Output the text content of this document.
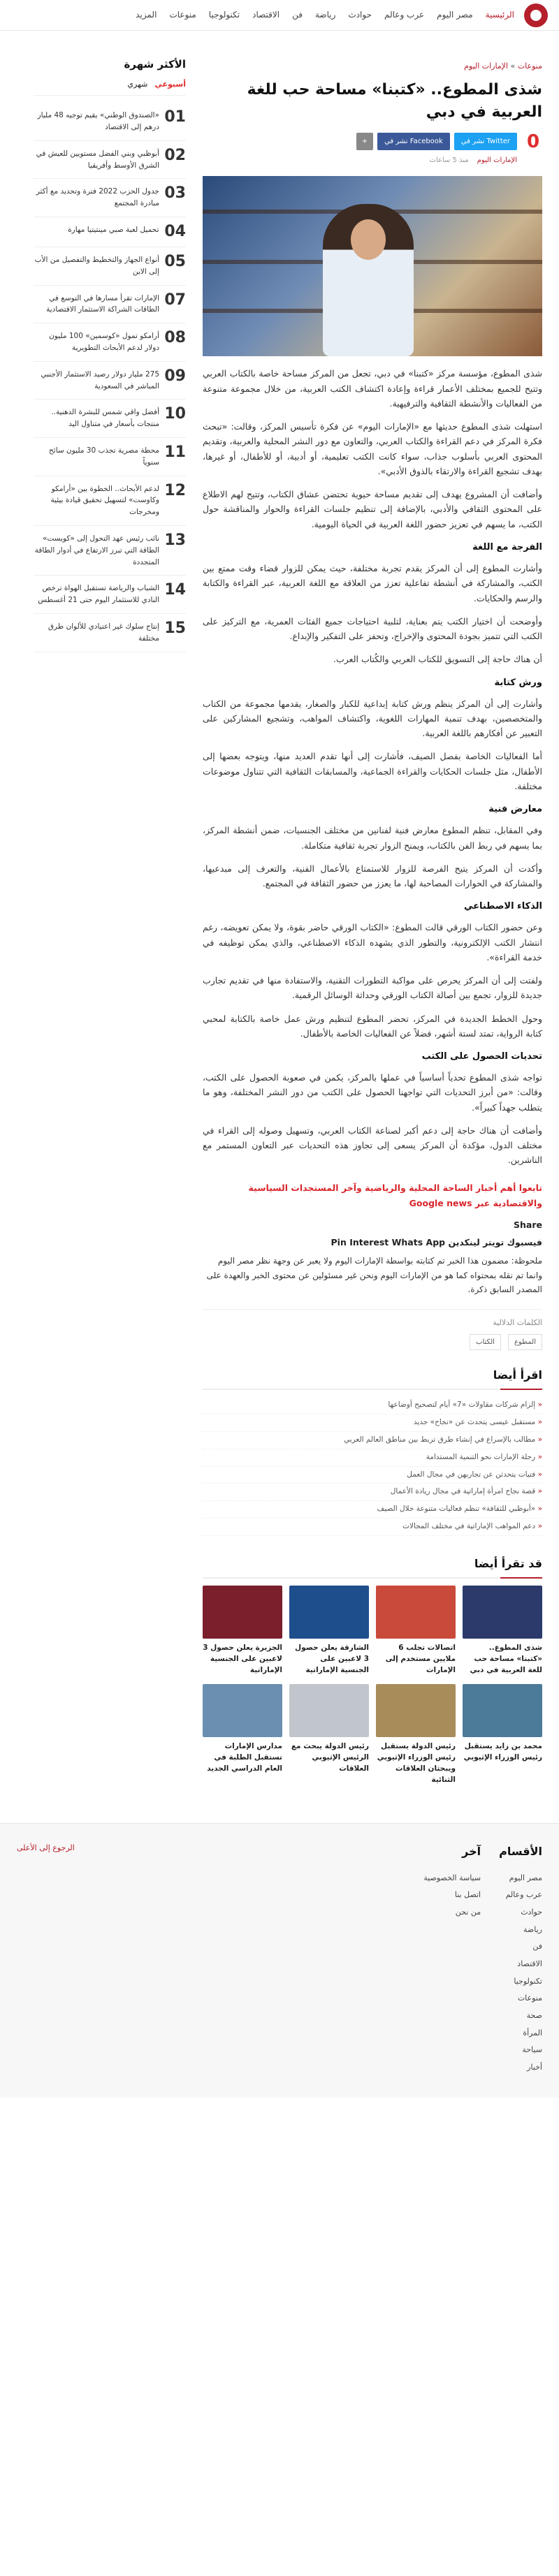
الرئيسية
مصر اليوم
عرب وعالم
حوادث
رياضة
فن
الاقتصاد
تكنولوجيا
منوعات
المزيد
منوعات » الإمارات اليوم
شذى المطوع.. «كتبنا» مساحة حب للغة العربية في دبي
0
Twitter نشر في
Facebook نشر في
+
الإمارات اليوم
منذ 5 ساعات

شذى المطوع، مؤسسة مركز «كتبنا» في دبي، تجعل من المركز مساحة خاصة بالكتاب العربي وتتيح للجميع بمختلف الأعمار قراءة وإعادة اكتشاف الكتب العربية، من خلال مجموعة متنوعة من الفعاليات والأنشطة الثقافية والترفيهية.

استهلت شذى المطوع حديثها مع «الإمارات اليوم» عن فكرة تأسيس المركز، وقالت: «تبحث فكرة المركز في دعم القراءة والكتاب العربي، والتعاون مع دور النشر المحلية والعربية، وتقديم المحتوى العربي بأسلوب جذاب، سواء كانت الكتب تعليمية، أو أدبية، أو للأطفال، أو غيرها، بهدف تشجيع القراءة والارتقاء بالذوق الأدبي».

وأضافت أن المشروع يهدف إلى تقديم مساحة حيوية تحتضن عشاق الكتاب، وتتيح لهم الاطلاع على المحتوى الثقافي والأدبي، بالإضافة إلى تنظيم جلسات القراءة والحوار والمناقشة حول الكتب، ما يسهم في تعزيز حضور اللغة العربية في الحياة اليومية.

الفرجة مع اللغة

وأشارت المطوع إلى أن المركز يقدم تجربة مختلفة، حيث يمكن للزوار قضاء وقت ممتع بين الكتب، والمشاركة في أنشطة تفاعلية تعزز من العلاقة مع اللغة العربية، عبر القراءة والكتابة والرسم والحكايات.

وأوضحت أن اختيار الكتب يتم بعناية، لتلبية احتياجات جميع الفئات العمرية، مع التركيز على الكتب التي تتميز بجودة المحتوى والإخراج، وتحفز على التفكير والإبداع.

أن هناك حاجة إلى التسويق للكتاب العربي والكُتاب العرب.

ورش كتابة

وأشارت إلى أن المركز ينظم ورش كتابة إبداعية للكبار والصغار، يقدمها مجموعة من الكتاب والمتخصصين، بهدف تنمية المهارات اللغوية، واكتشاف المواهب، وتشجيع المشاركين على التعبير عن أفكارهم باللغة العربية.

أما الفعاليات الخاصة بفصل الصيف، فأشارت إلى أنها تقدم العديد منها، ويتوجه بعضها إلى الأطفال، مثل جلسات الحكايات والقراءة الجماعية، والمسابقات الثقافية التي تتناول موضوعات مختلفة.

معارض فنية

وفي المقابل، تنظم المطوع معارض فنية لفنانين من مختلف الجنسيات، ضمن أنشطة المركز، بما يسهم في ربط الفن بالكتاب، ويمنح الزوار تجربة ثقافية متكاملة.

وأكدت أن المركز يتيح الفرصة للزوار للاستمتاع بالأعمال الفنية، والتعرف إلى مبدعيها، والمشاركة في الحوارات المصاحبة لها، ما يعزز من حضور الثقافة في المجتمع.

الذكاء الاصطناعي

وعن حضور الكتاب الورقي قالت المطوع: «الكتاب الورقي حاضر بقوة، ولا يمكن تعويضه، رغم انتشار الكتب الإلكترونية، والتطور الذي يشهده الذكاء الاصطناعي، والذي يمكن توظيفه في خدمة القراءة».

ولفتت إلى أن المركز يحرص على مواكبة التطورات التقنية، والاستفادة منها في تقديم تجارب جديدة للزوار، تجمع بين أصالة الكتاب الورقي وحداثة الوسائل الرقمية.

وحول الخطط الجديدة في المركز، تحضر المطوع لتنظيم ورش عمل خاصة بالكتابة لمحبي كتابة الرواية، تمتد لستة أشهر، فضلاً عن الفعاليات الخاصة بالأطفال.

تحديات الحصول على الكتب

تواجه شذى المطوع تحدياً أساسياً في عملها بالمركز، يكمن في صعوبة الحصول على الكتب، وقالت: «من أبرز التحديات التي تواجهنا الحصول على الكتب من دور النشر المختلفة، وهو ما يتطلب جهداً كبيراً».

وأضافت أن هناك حاجة إلى دعم أكبر لصناعة الكتاب العربي، وتسهيل وصوله إلى القراء في مختلف الدول، مؤكدة أن المركز يسعى إلى تجاوز هذه التحديات عبر التعاون المستمر مع الناشرين.

تابعوا أهم أخبار الساحة المحلية والرياضية وآخر المستجدات السياسية والاقتصادية عبر Google news
Share
فيسبوك تويتر لينكدين Pin Interest Whats App

ملحوظة: مضمون هذا الخبر تم كتابته بواسطة الإمارات اليوم ولا يعبر عن وجهة نظر مصر اليوم وانما تم نقله بمحتواه كما هو من الإمارات اليوم ونحن غير مسئولين عن محتوى الخبر والعهدة على المصدر السابق ذكرة.

الكلمات الدلالية
المطوع الكتاب
اقرأ أيضا
« إلزام شركات مقاولات «7» أيام لتصحيح أوضاعها
« مستقبل عيسى يتحدث عن «نجاح» جديد
« مطالب بالإسراع في إنشاء طرق تربط بين مناطق العالم العربي
« رحلة الإمارات نحو التنمية المستدامة
« فتيات يتحدثن عن تجاربهن في مجال العمل
« قصة نجاح امرأة إماراتية في مجال ريادة الأعمال
« «أبوظبي للثقافة» تنظم فعاليات متنوعة خلال الصيف
« دعم المواهب الإماراتية في مختلف المجالات
قد تقرأ أيضا
شذى المطوع.. «كتبنا» مساحة حب للغة العربية في دبي
اتصالات تجلب 6 ملايين مستخدم إلى الإمارات
الشارقة يعلن حصول 3 لاعبين على الجنسية الإماراتية
الجزيرة يعلن حصول 3 لاعبين على الجنسية الإماراتية
محمد بن زايد يستقبل رئيس الوزراء الإثيوبي
رئيس الدولة يستقبل رئيس الوزراء الإثيوبي ويبحثان العلاقات الثنائية
رئيس الدولة يبحث مع الرئيس الإثيوبي العلاقات
مدارس الإمارات تستقبل الطلبة في العام الدراسي الجديد
الأكثر شهرة
أسبوعي
شهري
01
«الصندوق الوطني» يقيم توجيه 48 مليار درهم إلى الاقتصاد
02
أبوظبي وبني الفضل مستويين للعيش في الشرق الأوسط وأفريقيا
03
جدول الحزب 2022 فترة وتحديد مع أكثر مبادرة المجتمع
04
تحميل لعبة صبي مينتيتيا مهارة
05
أنواع الجهاز والتخطيط والتفصيل من الأب إلى الابن
07
الإمارات تقرأ مسارها في التوسع في الطاقات الشراكة الاستثمار الاقتصادية
08
أرامكو تمول «كوسمين» 100 مليون دولار لدعم الأبحاث التطويرية
09
275 مليار دولار رصيد الاستثمار الأجنبي المباشر في السعودية
10
أفضل واقي شمس للبشرة الدهنية.. منتجات بأسعار في متناول اليد
11
محطة مصرية تجذب 30 مليون سائح سنوياً
12
لدعم الأبحاث.. الخطوة بين «أرامكو وكاوست» لتسهيل تحقيق قيادة بيئية ومخرجات
13
نائب رئيس عهد التحول إلى «كويست» الطاقة التي تبرز الارتفاع في أدوار الطاقة المتجددة
14
الشباب والرياضة تستقبل الهواة ترخص النادي للاستثمار اليوم حتى 21 أغسطس
15
إنتاج سلوك غير اعتيادي للألوان طرق مختلفة
الأقسام
مصر اليوم
عرب وعالم
حوادث
رياضة
فن
الاقتصاد
تكنولوجيا
منوعات
صحة
المرأة
سياحة
أخبار
آخر
سياسة الخصوصية
اتصل بنا
من نحن
الرجوع إلى الأعلى
